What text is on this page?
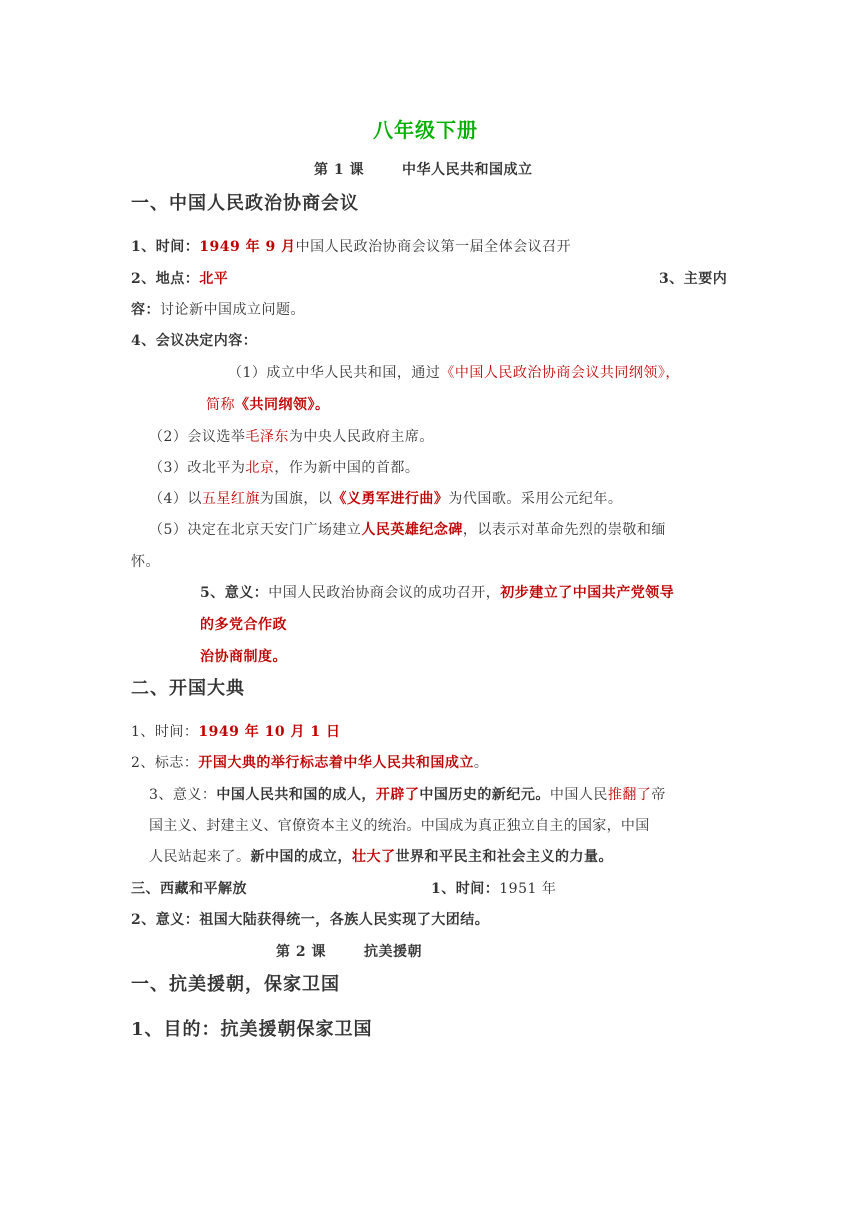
八年级下册
第 1 课	中华人民共和国成立
一、中国人民政治协商会议
1、时间：1949 年 9 月中国人民政治协商会议第一届全体会议召开
2、地点：北平	3、主要内
容：讨论新中国成立问题。
4、会议决定内容：
（1）成立中华人民共和国，通过《中国人民政治协商会议共同纲领》，
简称《共同纲领》。
（2）会议选举毛泽东为中央人民政府主席。
（3）改北平为北京，作为新中国的首都。
（4）以五星红旗为国旗，以《义勇军进行曲》为代国歌。采用公元纪年。
（5）决定在北京天安门广场建立人民英雄纪念碑，以表示对革命先烈的崇敬和缅
怀。
5、意义：中国人民政治协商会议的成功召开，初步建立了中国共产党领导
的多党合作政
治协商制度。
二、开国大典
1、时间：1949 年 10 月 1 日
2、标志：开国大典的举行标志着中华人民共和国成立。
3、意义：中国人民共和国的成人，开辟了中国历史的新纪元。中国人民推翻了帝
国主义、封建主义、官僚资本主义的统治。中国成为真正独立自主的国家，中国
人民站起来了。新中国的成立，壮大了世界和平民主和社会主义的力量。
三、西藏和平解放	1、时间：1951 年
2、意义：祖国大陆获得统一，各族人民实现了大团结。
第 2 课	抗美援朝
一、抗美援朝，保家卫国
1、目的：抗美援朝保家卫国
